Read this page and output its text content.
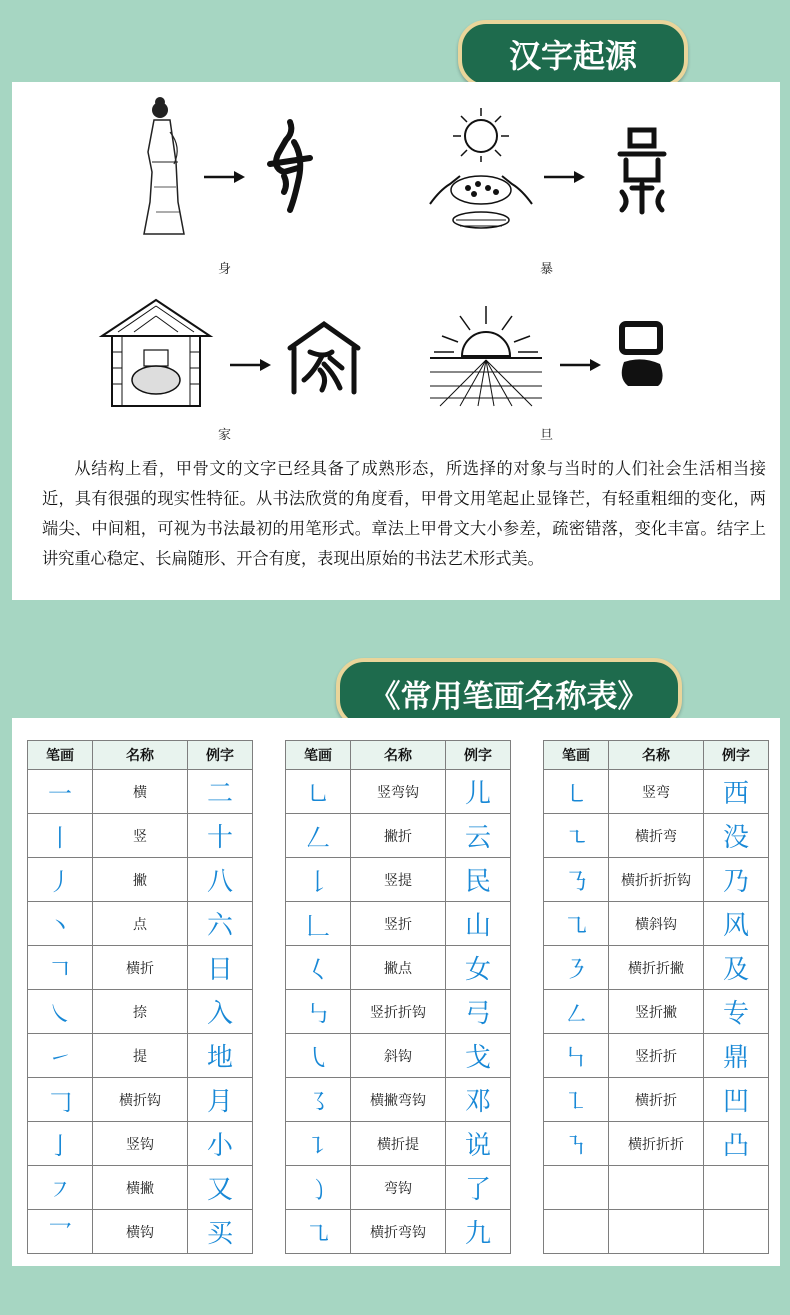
汉字起源
身	暴
家	旦
从结构上看，甲骨文的文字已经具备了成熟形态，所选择的对象与当时的人们社会生活相当接近，具有很强的现实性特征。从书法欣赏的角度看，甲骨文用笔起止显锋芒，有轻重粗细的变化，两端尖、中间粗，可视为书法最初的用笔形式。章法上甲骨文大小参差，疏密错落，变化丰富。结字上讲究重心稳定、长扁随形、开合有度，表现出原始的书法艺术形式美。
《常用笔画名称表》
笔画	名称	例字
一	横	二
丨	竖	十
丿	撇	八
丶	点	六
𠃍	横折	日
㇏	捺	入
㇀	提	地
𠃌	横折钩	月
亅	竖钩	小
㇇	横撇	又
乛	横钩	买
笔画	名称	例字
㇟	竖弯钩	儿
𠃋	撇折	云
𠄌	竖提	民
𠃊	竖折	山
𡿨	撇点	女
㇉	竖折折钩	弓
㇂	斜钩	戈
㇌	横撇弯钩	邓
㇊	横折提	说
㇁	弯钩	了
㇈	横折弯钩	九
笔画	名称	例字
㇄	竖弯	西
㇍	横折弯	没
㇡	横折折折钩	乃
㇈	横斜钩	风
㇋	横折折撇	及
㇜	竖折撇	专
㇞	竖折折	鼎
㇅	横折折	凹
㇎	横折折折	凸
